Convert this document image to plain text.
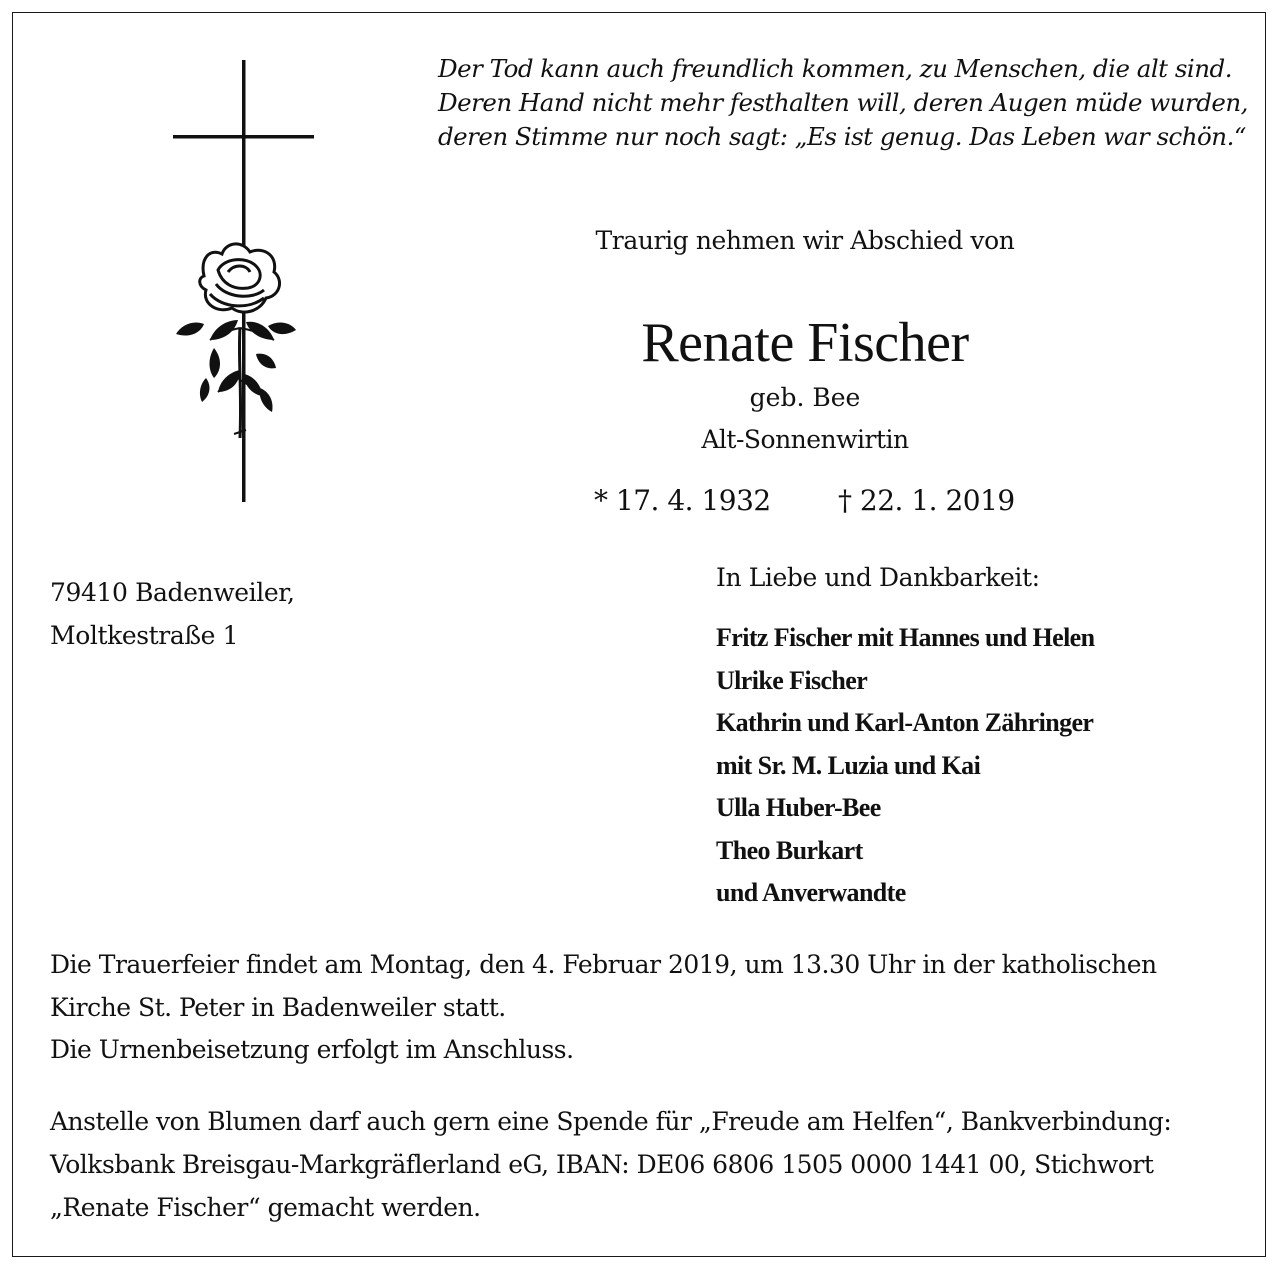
Der Tod kann auch freundlich kommen, zu Menschen, die alt sind.
Deren Hand nicht mehr festhalten will, deren Augen müde wurden,
deren Stimme nur noch sagt: „Es ist genug. Das Leben war schön.“
Traurig nehmen wir Abschied von
Renate Fischer
geb. Bee
Alt-Sonnenwirtin
* 17. 4. 1932 † 22. 1. 2019
79410 Badenweiler,
Moltkestraße 1
In Liebe und Dankbarkeit:
Fritz Fischer mit Hannes und Helen
Ulrike Fischer
Kathrin und Karl-Anton Zähringer
mit Sr. M. Luzia und Kai
Ulla Huber-Bee
Theo Burkart
und Anverwandte
Die Trauerfeier findet am Montag, den 4. Februar 2019, um 13.30 Uhr in der katholischen
Kirche St. Peter in Badenweiler statt.
Die Urnenbeisetzung erfolgt im Anschluss.
Anstelle von Blumen darf auch gern eine Spende für „Freude am Helfen“, Bankverbindung:
Volksbank Breisgau-Markgräflerland eG, IBAN: DE06 6806 1505 0000 1441 00, Stichwort
„Renate Fischer“ gemacht werden.
